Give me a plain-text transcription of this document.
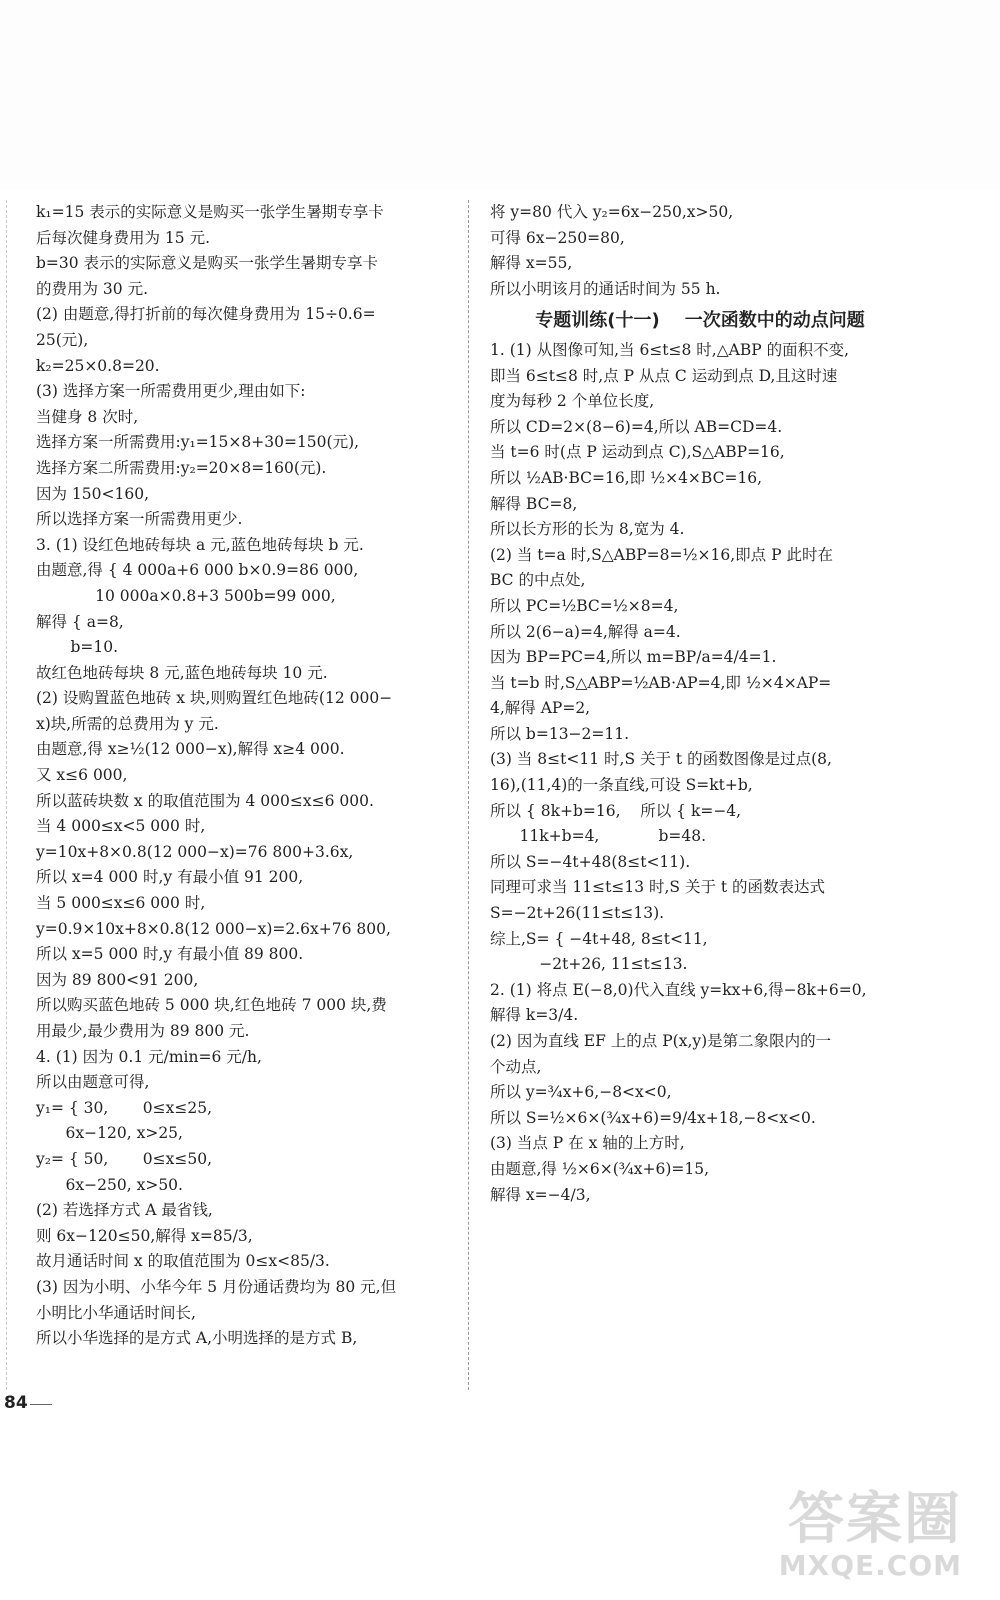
k₁=15 表示的实际意义是购买一张学生暑期专享卡
后每次健身费用为 15 元.
b=30 表示的实际意义是购买一张学生暑期专享卡
的费用为 30 元.
(2) 由题意,得打折前的每次健身费用为 15÷0.6=
25(元),
k₂=25×0.8=20.
(3) 选择方案一所需费用更少,理由如下:
当健身 8 次时,
选择方案一所需费用:y₁=15×8+30=150(元),
选择方案二所需费用:y₂=20×8=160(元).
因为 150<160,
所以选择方案一所需费用更少.
3. (1) 设红色地砖每块 a 元,蓝色地砖每块 b 元.
由题意,得 { 4 000a+6 000 b×0.9=86 000,
10 000a×0.8+3 500b=99 000,
解得 { a=8,
b=10.
故红色地砖每块 8 元,蓝色地砖每块 10 元.
(2) 设购置蓝色地砖 x 块,则购置红色地砖(12 000−
x)块,所需的总费用为 y 元.
由题意,得 x≥½(12 000−x),解得 x≥4 000.
又 x≤6 000,
所以蓝砖块数 x 的取值范围为 4 000≤x≤6 000.
当 4 000≤x<5 000 时,
y=10x+8×0.8(12 000−x)=76 800+3.6x,
所以 x=4 000 时,y 有最小值 91 200,
当 5 000≤x≤6 000 时,
y=0.9×10x+8×0.8(12 000−x)=2.6x+76 800,
所以 x=5 000 时,y 有最小值 89 800.
因为 89 800<91 200,
所以购买蓝色地砖 5 000 块,红色地砖 7 000 块,费
用最少,最少费用为 89 800 元.
4. (1) 因为 0.1 元/min=6 元/h,
所以由题意可得,
y₁= { 30,       0≤x≤25,
6x−120, x>25,
y₂= { 50,       0≤x≤50,
6x−250, x>50.
(2) 若选择方式 A 最省钱,
则 6x−120≤50,解得 x=85/3,
故月通话时间 x 的取值范围为 0≤x<85/3.
(3) 因为小明、小华今年 5 月份通话费均为 80 元,但
小明比小华通话时间长,
所以小华选择的是方式 A,小明选择的是方式 B,
将 y=80 代入 y₂=6x−250,x>50,
可得 6x−250=80,
解得 x=55,
所以小明该月的通话时间为 55 h.
专题训练(十一)    一次函数中的动点问题
1. (1) 从图像可知,当 6≤t≤8 时,△ABP 的面积不变,
即当 6≤t≤8 时,点 P 从点 C 运动到点 D,且这时速
度为每秒 2 个单位长度,
所以 CD=2×(8−6)=4,所以 AB=CD=4.
当 t=6 时(点 P 运动到点 C),S△ABP=16,
所以 ½AB·BC=16,即 ½×4×BC=16,
解得 BC=8,
所以长方形的长为 8,宽为 4.
(2) 当 t=a 时,S△ABP=8=½×16,即点 P 此时在
BC 的中点处,
所以 PC=½BC=½×8=4,
所以 2(6−a)=4,解得 a=4.
因为 BP=PC=4,所以 m=BP/a=4/4=1.
当 t=b 时,S△ABP=½AB·AP=4,即 ½×4×AP=
4,解得 AP=2,
所以 b=13−2=11.
(3) 当 8≤t<11 时,S 关于 t 的函数图像是过点(8,
16),(11,4)的一条直线,可设 S=kt+b,
所以 { 8k+b=16,    所以 { k=−4,
11k+b=4,            b=48.
所以 S=−4t+48(8≤t<11).
同理可求当 11≤t≤13 时,S 关于 t 的函数表达式
S=−2t+26(11≤t≤13).
综上,S= { −4t+48, 8≤t<11,
−2t+26, 11≤t≤13.
2. (1) 将点 E(−8,0)代入直线 y=kx+6,得−8k+6=0,
解得 k=3/4.
(2) 因为直线 EF 上的点 P(x,y)是第二象限内的一
个动点,
所以 y=¾x+6,−8<x<0,
所以 S=½×6×(¾x+6)=9/4x+18,−8<x<0.
(3) 当点 P 在 x 轴的上方时,
由题意,得 ½×6×(¾x+6)=15,
解得 x=−4/3,
84
答案圈
MXQE.COM
